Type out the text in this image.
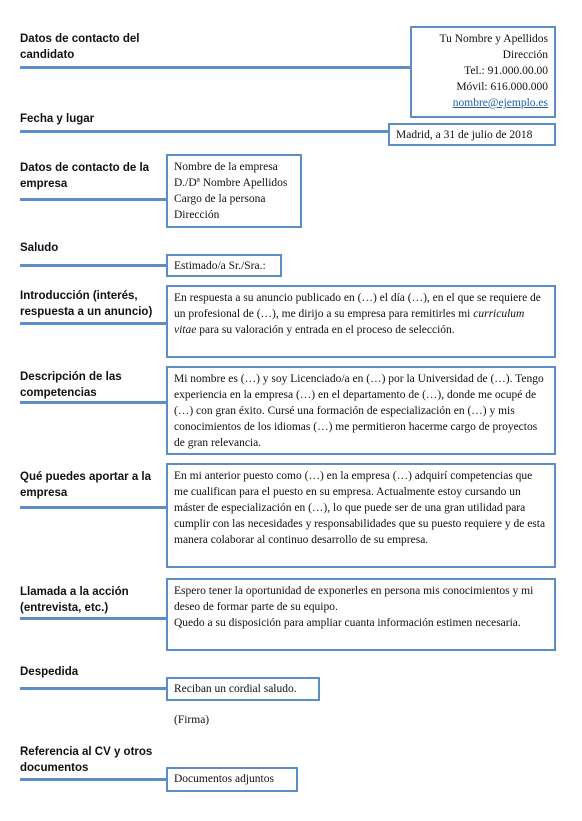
Datos de contacto del candidato

Tu Nombre y Apellidos

Dirección

Tel.: 91.000.00.00

Móvil: 616.000.000

nombre@ejemplo.es

Fecha y lugar

Madrid, a 31 de julio de 2018

Datos de contacto de la empresa

Nombre de la empresa

D./Dª Nombre Apellidos

Cargo de la persona

Dirección

Saludo

Estimado/a Sr./Sra.:

Introducción (interés, respuesta a un anuncio)

En respuesta a su anuncio publicado en (…) el día (…), en el que se requiere de un profesional de (…), me dirijo a su empresa para remitirles mi curriculum vitae para su valoración y entrada en el proceso de selección.

Descripción de las competencias

Mi nombre es (…) y soy Licenciado/a en (…) por la Universidad de (…). Tengo experiencia en la empresa (…) en el departamento de (…), donde me ocupé de (…) con gran éxito. Cursé una formación de especialización en (…) y mis conocimientos de los idiomas (…) me permitieron hacerme cargo de proyectos de gran relevancia.

Qué puedes aportar a la empresa

En mi anterior puesto como (…) en la empresa (…) adquirí competencias que me cualifican para el puesto en su empresa. Actualmente estoy cursando un máster de especialización en (…), lo que puede ser de una gran utilidad para cumplir con las necesidades y responsabilidades que su puesto requiere y de esta manera colaborar al continuo desarrollo de su empresa.

Llamada a la acción (entrevista, etc.)

Espero tener la oportunidad de exponerles en persona mis conocimientos y mi deseo de formar parte de su equipo.

Quedo a su disposición para ampliar cuanta información estimen necesaria.

Despedida

Reciban un cordial saludo.

(Firma)
Referencia al CV y otros documentos

Documentos adjuntos
